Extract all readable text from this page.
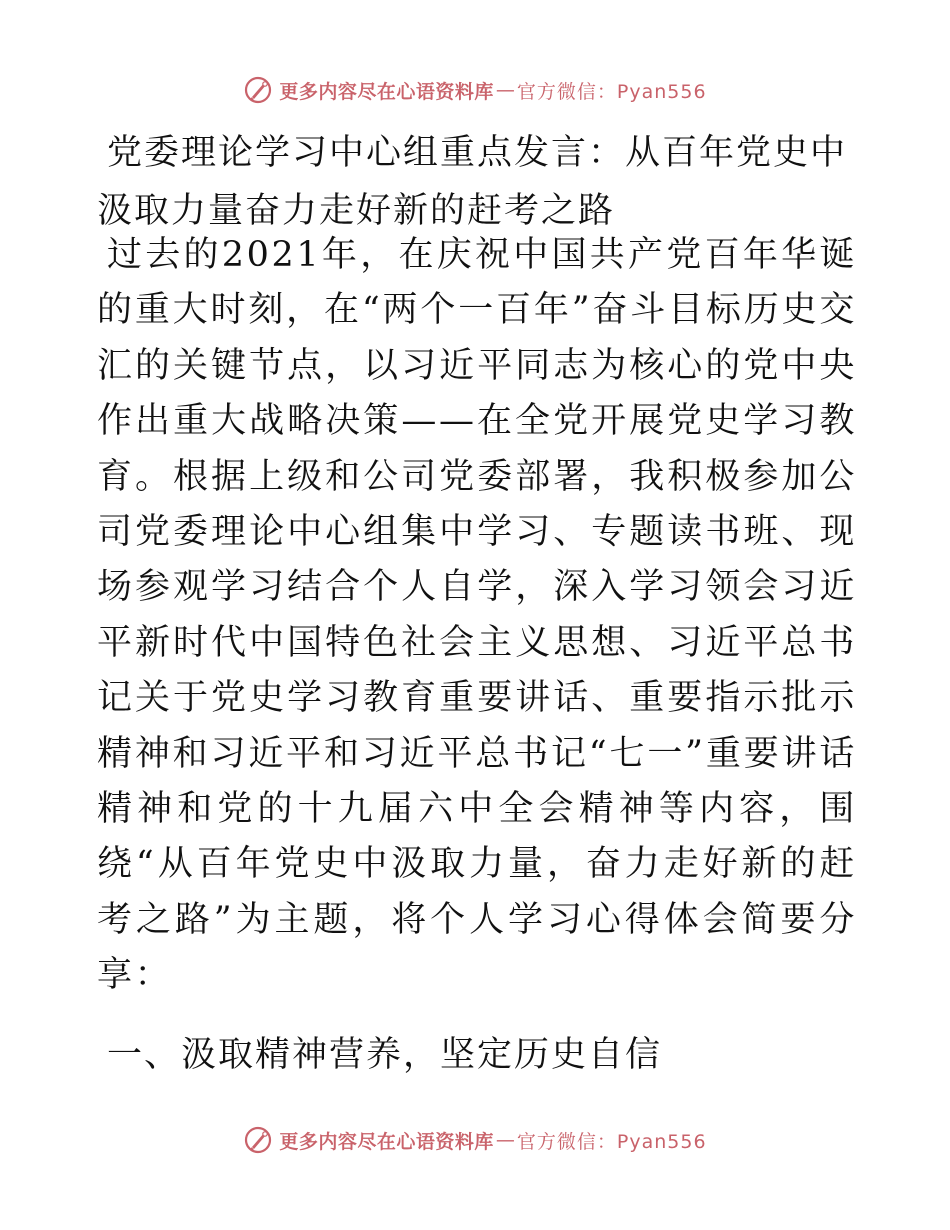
更多内容尽在心语资料库 — 官方微信：Pyan556
党委理论学习中心组重点发言：从百年党史中汲取力量奋力走好新的赶考之路

过去的2021年，在庆祝中国共产党百年华诞的重大时刻，在“两个一百年”奋斗目标历史交汇的关键节点，以习近平同志为核心的党中央作出重大战略决策——在全党开展党史学习教育。根据上级和公司党委部署，我积极参加公司党委理论中心组集中学习、专题读书班、现场参观学习结合个人自学，深入学习领会习近平新时代中国特色社会主义思想、习近平总书记关于党史学习教育重要讲话、重要指示批示精神和习近平和习近平总书记“七一”重要讲话精神和党的十九届六中全会精神等内容，围绕“从百年党史中汲取力量，奋力走好新的赶考之路”为主题，将个人学习心得体会简要分享：

一、汲取精神营养，坚定历史自信
更多内容尽在心语资料库 — 官方微信：Pyan556
